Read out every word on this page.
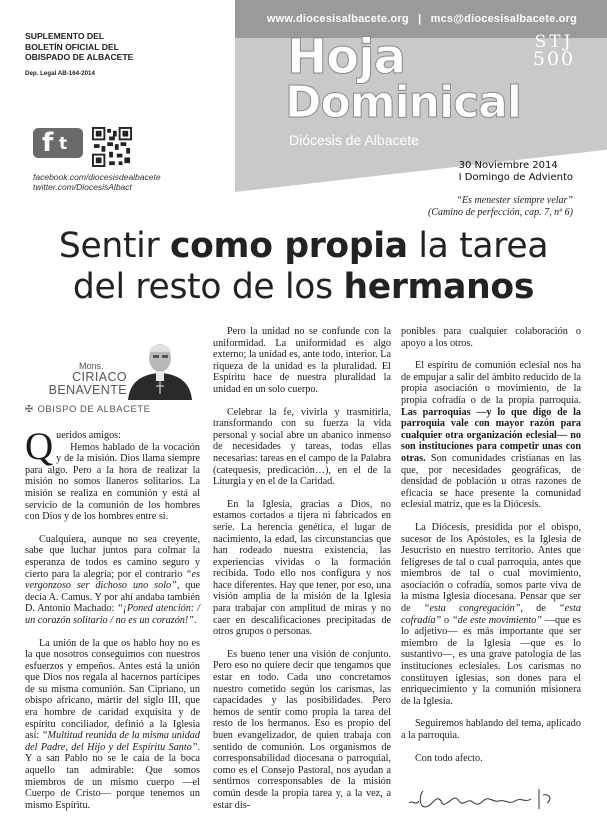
www.diocesisalbacete.org | mcs@diocesisalbacete.org
SUPLEMENTO DEL
BOLETÍN OFICIAL DEL
OBISPADO DE ALBACETE
Dep. Legal AB-164-2014	Hoja
Dominical
Diócesis de Albacete
STJ
500
f t
facebook.com/diocesisdealbacete
twitter.com/DiocesisAlbact
30 Noviembre 2014
I Domingo de Adviento
“Es menester siempre velar”
(Camino de perfección, cap. 7, nº 6)
Sentir como propia la tarea
del resto de los hermanos
Mons.
CIRIACO
BENAVENTE
✠ OBISPO DE ALBACETE

Queridos amigos:
Hemos hablado de la vocación y de la misión. Dios llama siempre para algo. Pero a la hora de realizar la misión no somos llaneros solitarios. La misión se realiza en comunión y está al servicio de la comunión de los hombres con Dios y de los hombres entre sí.

Cualquiera, aunque no sea creyente, sabe que luchar juntos para colmar la esperanza de todos es camino seguro y cierto para la alegría; por el contrario “es vergonzoso ser dichoso uno solo”, que decía A. Camus. Y por ahí andaba también D. Antonio Machado: “¡Poned atención: / un corazón solitario / no es un corazón!”.

La unión de la que os hablo hoy no es la que nosotros conseguimos con nuestros esfuerzos y empeños. Antes está la unión que Dios nos regala al hacernos partícipes de su misma comunión. San Cipriano, un obispo africano, mártir del siglo III, que era hombre de caridad exquisita y de espíritu conciliador, definió a la Iglesia así: “Multitud reunida de la misma unidad del Padre, del Hijo y del Espíritu Santo”. Y a san Pablo no se le caía de la boca aquello tan admirable: Que somos miembros de un mismo cuerpo —el Cuerpo de Cristo— porque tenemos un mismo Espíritu.

Pero la unidad no se confunde con la uniformidad. La uniformidad es algo externo; la unidad es, ante todo, interior. La riqueza de la unidad es la pluralidad. El Espíritu hace de nuestra pluralidad la unidad en un solo cuerpo.

Celebrar la fe, vivirla y trasmitirla, transformando con su fuerza la vida personal y social abre un abanico inmenso de necesidades y tareas, todas ellas necesarias: tareas en el campo de la Palabra (catequesis, predicación…), en el de la Liturgia y en el de la Caridad.

En la Iglesia, gracias a Dios, no estamos cortados a tijera ni fabricados en serie. La herencia genética, el lugar de nacimiento, la edad, las circunstancias que han rodeado nuestra existencia, las experiencias vividas o la formación recibida. Todo ello nos configura y nos hace diferentes. Hay que tener, por eso, una visión amplia de la misión de la Iglesia para trabajar con amplitud de miras y no caer en descalificaciones precipitadas de otros grupos o personas.

Es bueno tener una visión de conjunto. Pero eso no quiere decir que tengamos que estar en todo. Cada uno concretamos nuestro cometido según los carismas, las capacidades y las posibilidades. Pero hemos de sentir como propia la tarea del resto de los hermanos. Eso es propio del buen evangelizador, de quien trabaja con sentido de comunión. Los organismos de corresponsabilidad diocesana o parroquial, como es el Consejo Pastoral, nos ayudan a sentirnos corresponsables de la misión común desde la propia tarea y, a la vez, a estar dis-

ponibles para cualquier colaboración o apoyo a los otros.

El espíritu de comunión eclesial nos ha de empujar a salir del ámbito reducido de la propia asociación o movimiento, de la propia cofradía o de la propia parroquia. Las parroquias —y lo que digo de la parroquia vale con mayor razón para cualquier otra organización eclesial— no son instituciones para competir unas con otras. Son comunidades cristianas en las que, por necesidades geográficas, de densidad de población u otras razones de eficacia se hace presente la comunidad eclesial matriz, que es la Diócesis.

La Diócesis, presidida por el obispo, sucesor de los Apóstoles, es la Iglesia de Jesucristo en nuestro territorio. Antes que feligreses de tal o cual parroquia, antes que miembros de tal o cual movimiento, asociación o cofradía, somos parte viva de la misma Iglesia diocesana. Pensar que ser de “esta congregación”, de “esta cofradía” o “de este movimiento” —que es lo adjetivo— es más importante que ser miembro de la Iglesia —que es lo sustantivo—, es una grave patología de las instituciones eclesiales. Los carismas no constituyen iglesias, son dones para el enriquecimiento y la comunión misionera de la Iglesia.

Seguiremos hablando del tema, aplicado a la parroquia.

Con todo afecto.
